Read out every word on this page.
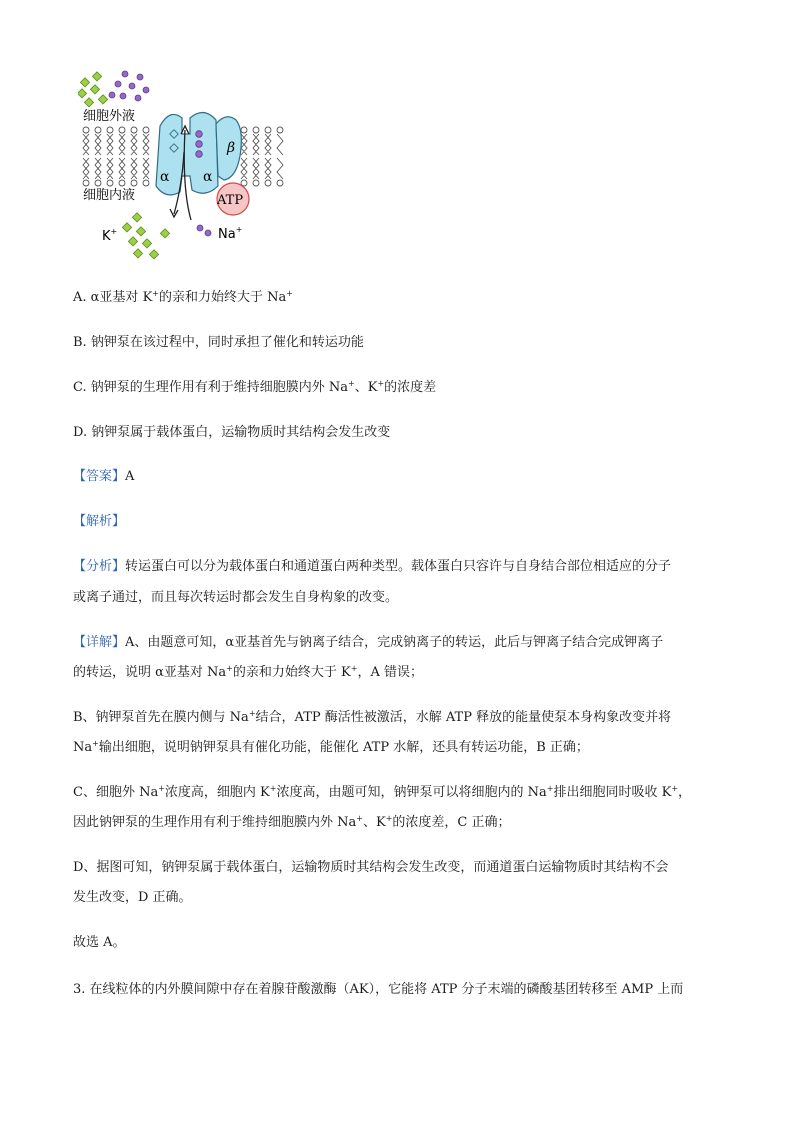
细胞外液
细胞内液
β
α α
ATP
K+	Na+
A. α亚基对 K+的亲和力始终大于 Na+
B. 钠钾泵在该过程中，同时承担了催化和转运功能
C. 钠钾泵的生理作用有利于维持细胞膜内外 Na+、K+的浓度差
D. 钠钾泵属于载体蛋白，运输物质时其结构会发生改变
【答案】A
【解析】
【分析】转运蛋白可以分为载体蛋白和通道蛋白两种类型。载体蛋白只容许与自身结合部位相适应的分子
或离子通过，而且每次转运时都会发生自身构象的改变。
【详解】A、由题意可知，α亚基首先与钠离子结合，完成钠离子的转运，此后与钾离子结合完成钾离子
的转运，说明 α亚基对 Na+的亲和力始终大于 K+，A 错误；
B、钠钾泵首先在膜内侧与 Na+结合，ATP 酶活性被激活，水解 ATP 释放的能量使泵本身构象改变并将
Na+输出细胞，说明钠钾泵具有催化功能，能催化 ATP 水解，还具有转运功能，B 正确；
C、细胞外 Na+浓度高，细胞内 K+浓度高，由题可知，钠钾泵可以将细胞内的 Na+排出细胞同时吸收 K+，
因此钠钾泵的生理作用有利于维持细胞膜内外 Na+、K+的浓度差，C 正确；
D、据图可知，钠钾泵属于载体蛋白，运输物质时其结构会发生改变，而通道蛋白运输物质时其结构不会
发生改变，D 正确。
故选 A。
3. 在线粒体的内外膜间隙中存在着腺苷酸激酶（AK），它能将 ATP 分子末端的磷酸基团转移至 AMP 上而
